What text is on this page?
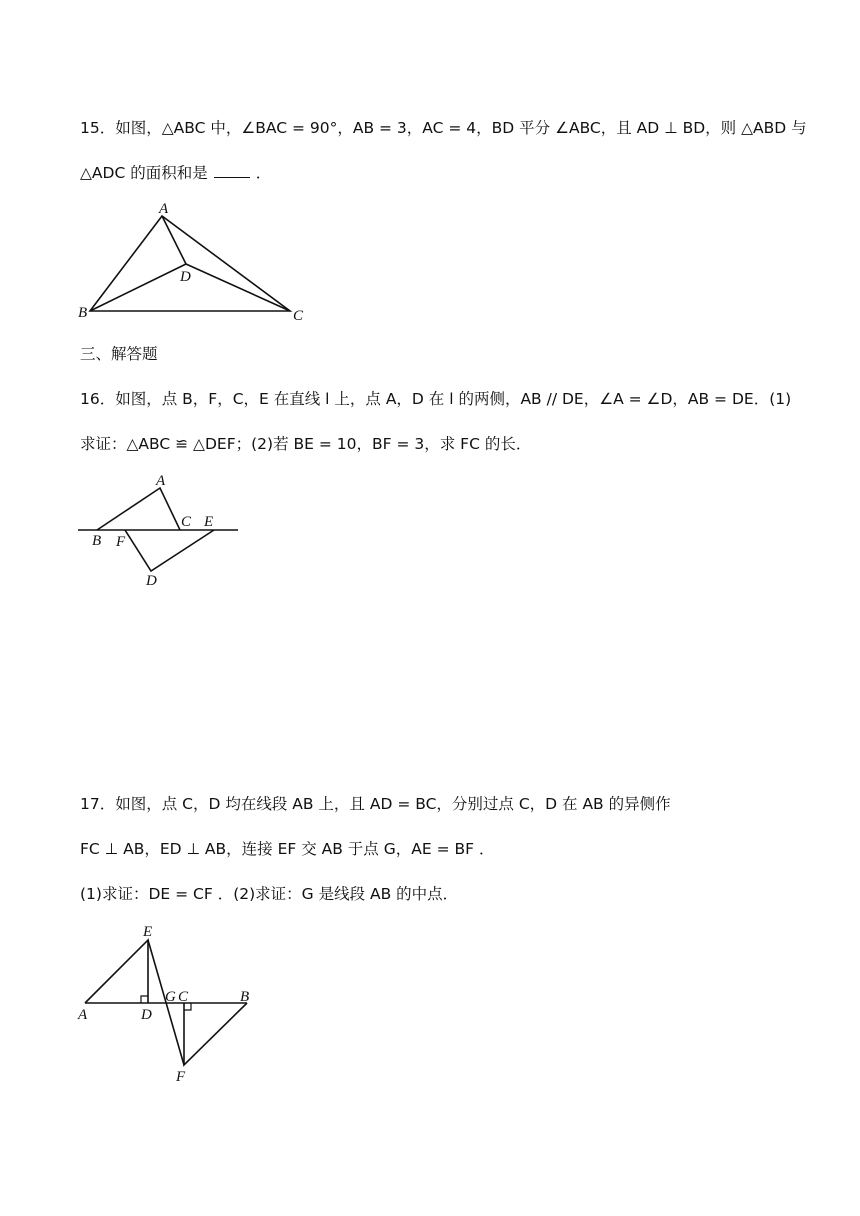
15．如图，△ABC 中，∠BAC = 90°，AB = 3，AC = 4，BD 平分 ∠ABC，且 AD ⊥ BD，则 △ABD 与
△ADC 的面积和是	．
A
B	C
D
三、解答题
16．如图，点 B，F，C，E 在直线 l 上，点 A，D 在 l 的两侧，AB // DE，∠A = ∠D，AB = DE．(1)
求证：△ABC ≌ △DEF；(2)若 BE = 10，BF = 3，求 FC 的长．
A
B
C
D
E
F
17．如图，点 C，D 均在线段 AB 上，且 AD = BC，分别过点 C，D 在 AB 的异侧作
FC ⊥ AB，ED ⊥ AB，连接 EF 交 AB 于点 G，AE = BF ．
(1)求证：DE = CF ．(2)求证：G 是线段 AB 的中点．
E
A	D
G C	B
F
